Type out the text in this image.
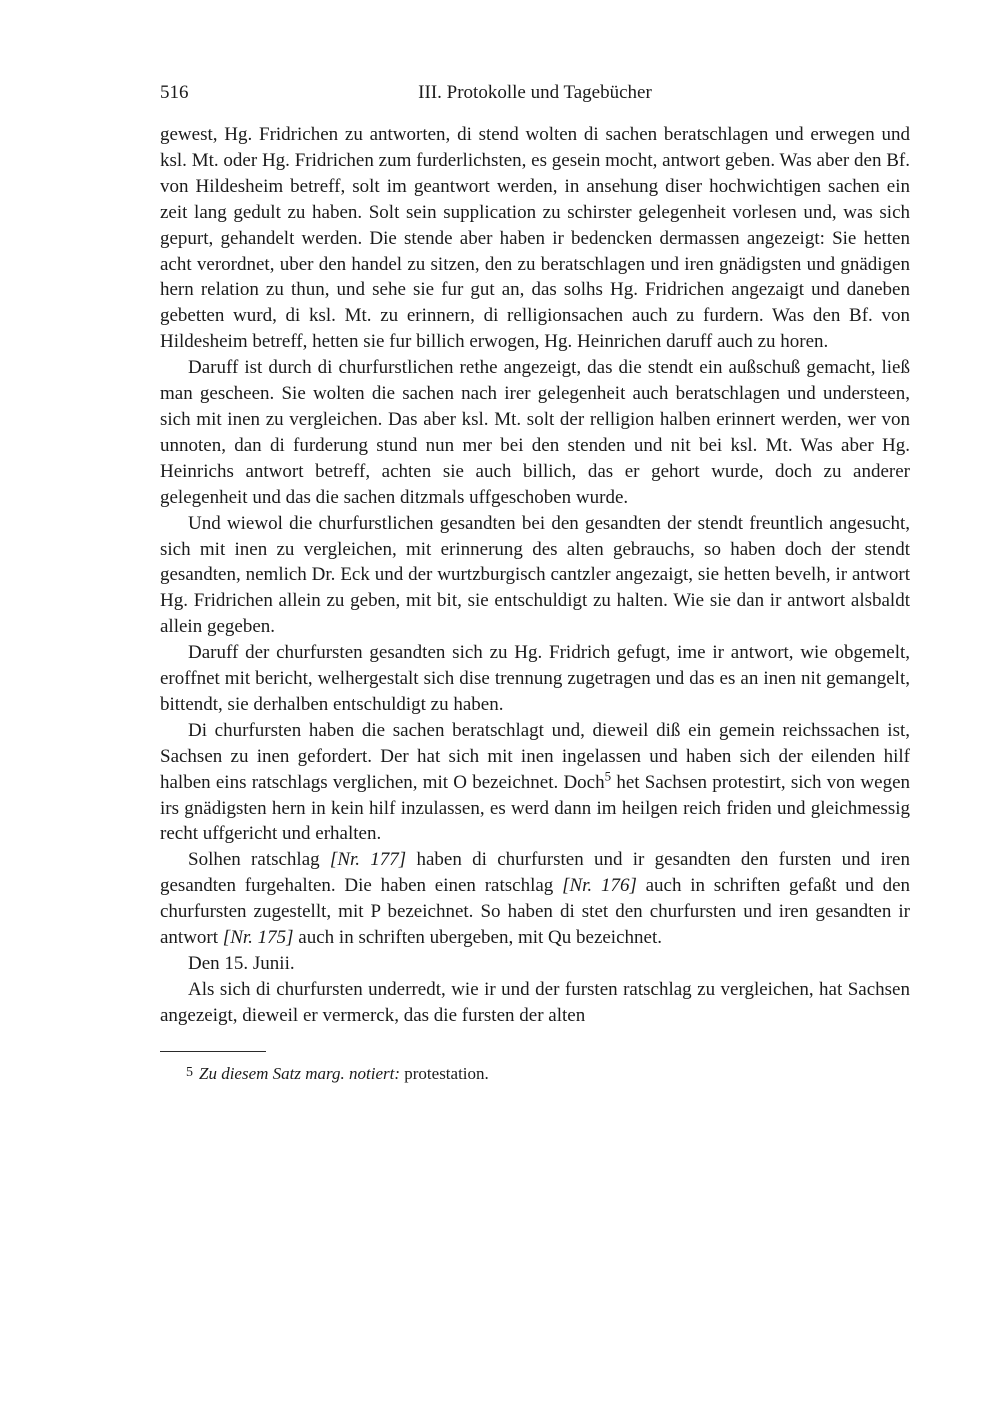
516	III. Protokolle und Tagebücher

gewest, Hg. Fridrichen zu antworten, di stend wolten di sachen beratschlagen und erwegen und ksl. Mt. oder Hg. Fridrichen zum furderlichsten, es gesein mocht, antwort geben. Was aber den Bf. von Hildesheim betreff, solt im geantwort werden, in ansehung diser hochwichtigen sachen ein zeit lang gedult zu haben. Solt sein supplication zu schirster gelegenheit vorlesen und, was sich gepurt, gehandelt werden. Die stende aber haben ir bedencken dermassen angezeigt: Sie hetten acht verordnet, uber den handel zu sitzen, den zu beratschlagen und iren gnädigsten und gnädigen hern relation zu thun, und sehe sie fur gut an, das solhs Hg. Fridrichen angezaigt und daneben gebetten wurd, di ksl. Mt. zu erinnern, di relligionsachen auch zu furdern. Was den Bf. von Hildesheim betreff, hetten sie fur billich erwogen, Hg. Heinrichen daruff auch zu horen.

Daruff ist durch di churfurstlichen rethe angezeigt, das die stendt ein außschuß gemacht, ließ man gescheen. Sie wolten die sachen nach irer gelegenheit auch beratschlagen und understeen, sich mit inen zu vergleichen. Das aber ksl. Mt. solt der relligion halben erinnert werden, wer von unnoten, dan di furderung stund nun mer bei den stenden und nit bei ksl. Mt. Was aber Hg. Heinrichs antwort betreff, achten sie auch billich, das er gehort wurde, doch zu anderer gelegenheit und das die sachen ditzmals uffgeschoben wurde.

Und wiewol die churfurstlichen gesandten bei den gesandten der stendt freuntlich angesucht, sich mit inen zu vergleichen, mit erinnerung des alten gebrauchs, so haben doch der stendt gesandten, nemlich Dr. Eck und der wurtzburgisch cantzler angezaigt, sie hetten bevelh, ir antwort Hg. Fridrichen allein zu geben, mit bit, sie entschuldigt zu halten. Wie sie dan ir antwort alsbaldt allein gegeben.

Daruff der churfursten gesandten sich zu Hg. Fridrich gefugt, ime ir antwort, wie obgemelt, eroffnet mit bericht, welhergestalt sich dise trennung zugetragen und das es an inen nit gemangelt, bittendt, sie derhalben entschuldigt zu haben.

Di churfursten haben die sachen beratschlagt und, dieweil diß ein gemein reichssachen ist, Sachsen zu inen gefordert. Der hat sich mit inen ingelassen und haben sich der eilenden hilf halben eins ratschlags verglichen, mit O bezeichnet. Doch$^5$ het Sachsen protestirt, sich von wegen irs gnädigsten hern in kein hilf inzulassen, es werd dann im heilgen reich friden und gleichmessig recht uffgericht und erhalten.

Solhen ratschlag [Nr. 177] haben di churfursten und ir gesandten den fursten und iren gesandten furgehalten. Die haben einen ratschlag [Nr. 176] auch in schriften gefaßt und den churfursten zugestellt, mit P bezeichnet. So haben di stet den churfursten und iren gesandten ir antwort [Nr. 175] auch in schriften ubergeben, mit Qu bezeichnet.

Den 15. Junii.

Als sich di churfursten underredt, wie ir und der fursten ratschlag zu vergleichen, hat Sachsen angezeigt, dieweil er vermerck, das die fursten der alten

5 Zu diesem Satz marg. notiert: protestation.
